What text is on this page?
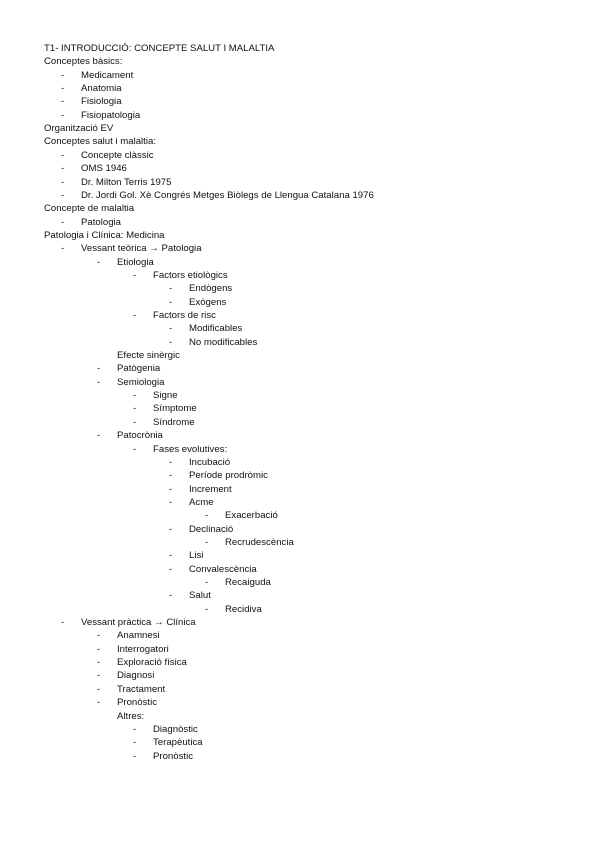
T1- INTRODUCCIÓ: CONCEPTE SALUT I MALALTIA
Conceptes bàsics:
- Medicament
- Anatomia
- Fisiologia
- Fisiopatologia
Organització EV
Conceptes salut i malaltia:
- Concepte clàssic
- OMS 1946
- Dr. Milton Terris 1975
- Dr. Jordi Gol. Xè Congrés Metges Biòlegs de Llengua Catalana 1976
Concepte de malaltia
- Patologia
Patologia i Clínica: Medicina
- Vessant teòrica → Patologia
- Etiologia
- Factors etiològics
- Endògens
- Exògens
- Factors de risc
- Modificables
- No modificables
Efecte sinèrgic
- Patògenia
- Semiologia
- Signe
- Símptome
- Síndrome
- Patocrònia
- Fases evolutives:
- Incubació
- Període prodròmic
- Increment
- Acme
- Exacerbació
- Declinació
- Recrudescència
- Lisi
- Convalescència
- Recaiguda
- Salut
- Recidiva
- Vessant pràctica → Clínica
- Anamnesi
- Interrogatori
- Exploració física
- Diagnosi
- Tractament
- Pronòstic
Altres:
- Diagnòstic
- Terapèutica
- Pronòstic
